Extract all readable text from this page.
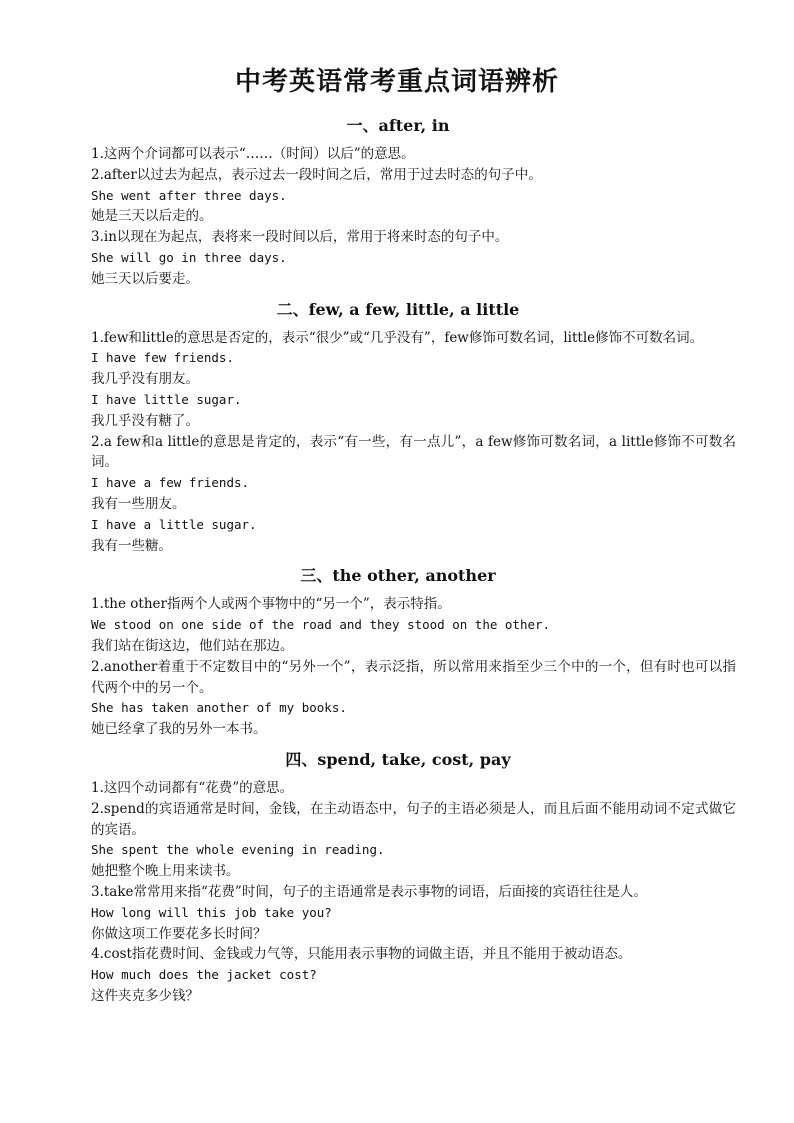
中考英语常考重点词语辨析
一、after, in
1.这两个介词都可以表示“……（时间）以后”的意思。
2.after以过去为起点，表示过去一段时间之后，常用于过去时态的句子中。
She went after three days.
她是三天以后走的。
3.in以现在为起点，表将来一段时间以后，常用于将来时态的句子中。
She will go in three days.
她三天以后要走。
二、few, a few, little, a little
1.few和little的意思是否定的，表示“很少”或“几乎没有”，few修饰可数名词，little修饰不可数名词。
I have few friends.
我几乎没有朋友。
I have little sugar.
我几乎没有糖了。
2.a few和a little的意思是肯定的，表示“有一些，有一点儿”，a few修饰可数名词，a little修饰不可数名词。
I have a few friends.
我有一些朋友。
I have a little sugar.
我有一些糖。
三、the other, another
1.the other指两个人或两个事物中的“另一个”，表示特指。
We stood on one side of the road and they stood on the other.
我们站在街这边，他们站在那边。
2.another着重于不定数目中的“另外一个”，表示泛指，所以常用来指至少三个中的一个，但有时也可以指代两个中的另一个。
She has taken another of my books.
她已经拿了我的另外一本书。
四、spend, take, cost, pay
1.这四个动词都有“花费”的意思。
2.spend的宾语通常是时间，金钱，在主动语态中，句子的主语必须是人，而且后面不能用动词不定式做它的宾语。
She spent the whole evening in reading.
她把整个晚上用来读书。
3.take常常用来指“花费”时间，句子的主语通常是表示事物的词语，后面接的宾语往往是人。
How long will this job take you?
你做这项工作要花多长时间？
4.cost指花费时间、金钱或力气等，只能用表示事物的词做主语，并且不能用于被动语态。
How much does the jacket cost?
这件夹克多少钱？
